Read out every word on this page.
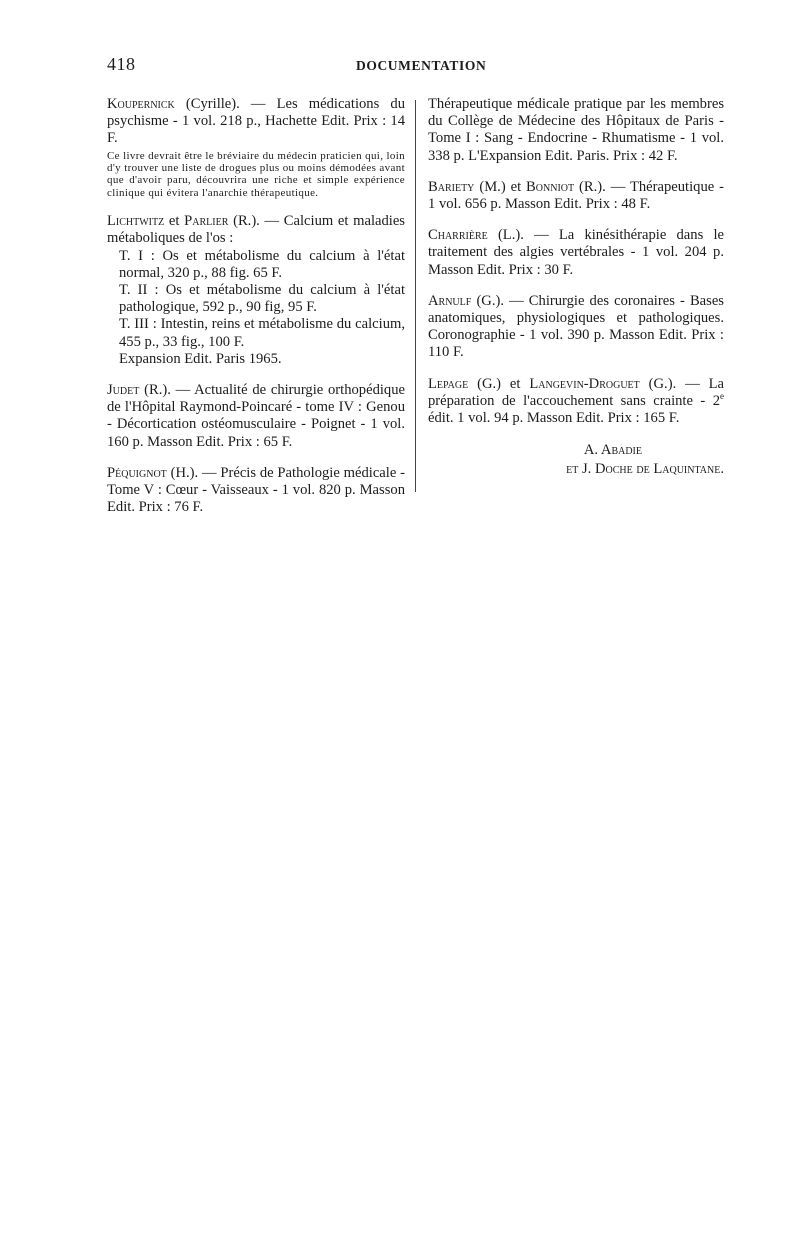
418	DOCUMENTATION
Koupernick (Cyrille). — Les médications du psychisme - 1 vol. 218 p., Hachette Edit. Prix : 14 F.
Ce livre devrait être le bréviaire du médecin praticien qui, loin d'y trouver une liste de drogues plus ou moins démodées avant que d'avoir paru, découvrira une riche et simple expérience clinique qui évitera l'anarchie thérapeutique.
Lichtwitz et Parlier (R.). — Calcium et maladies métaboliques de l'os :
T. I : Os et métabolisme du calcium à l'état normal, 320 p., 88 fig. 65 F.
T. II : Os et métabolisme du calcium à l'état pathologique, 592 p., 90 fig, 95 F.
T. III : Intestin, reins et métabolisme du calcium, 455 p., 33 fig., 100 F.
Expansion Edit. Paris 1965.
Judet (R.). — Actualité de chirurgie orthopédique de l'Hôpital Raymond-Poincaré - tome IV : Genou - Décortication ostéomusculaire - Poignet - 1 vol. 160 p. Masson Edit. Prix : 65 F.
Péquignot (H.). — Précis de Pathologie médicale - Tome V : Cœur - Vaisseaux - 1 vol. 820 p. Masson Edit. Prix : 76 F.
Thérapeutique médicale pratique par les membres du Collège de Médecine des Hôpitaux de Paris - Tome I : Sang - Endocrine - Rhumatisme - 1 vol. 338 p. L'Expansion Edit. Paris. Prix : 42 F.
Bariety (M.) et Bonniot (R.). — Thérapeutique - 1 vol. 656 p. Masson Edit. Prix : 48 F.
Charrière (L.). — La kinésithérapie dans le traitement des algies vertébrales - 1 vol. 204 p. Masson Edit. Prix : 30 F.
Arnulf (G.). — Chirurgie des coronaires - Bases anatomiques, physiologiques et pathologiques. Coronographie - 1 vol. 390 p. Masson Edit. Prix : 110 F.
Lepage (G.) et Langevin-Droguet (G.). — La préparation de l'accouchement sans crainte - 2e édit. 1 vol. 94 p. Masson Edit. Prix : 165 F.
A. Abadie
et J. Doche de Laquintane.
